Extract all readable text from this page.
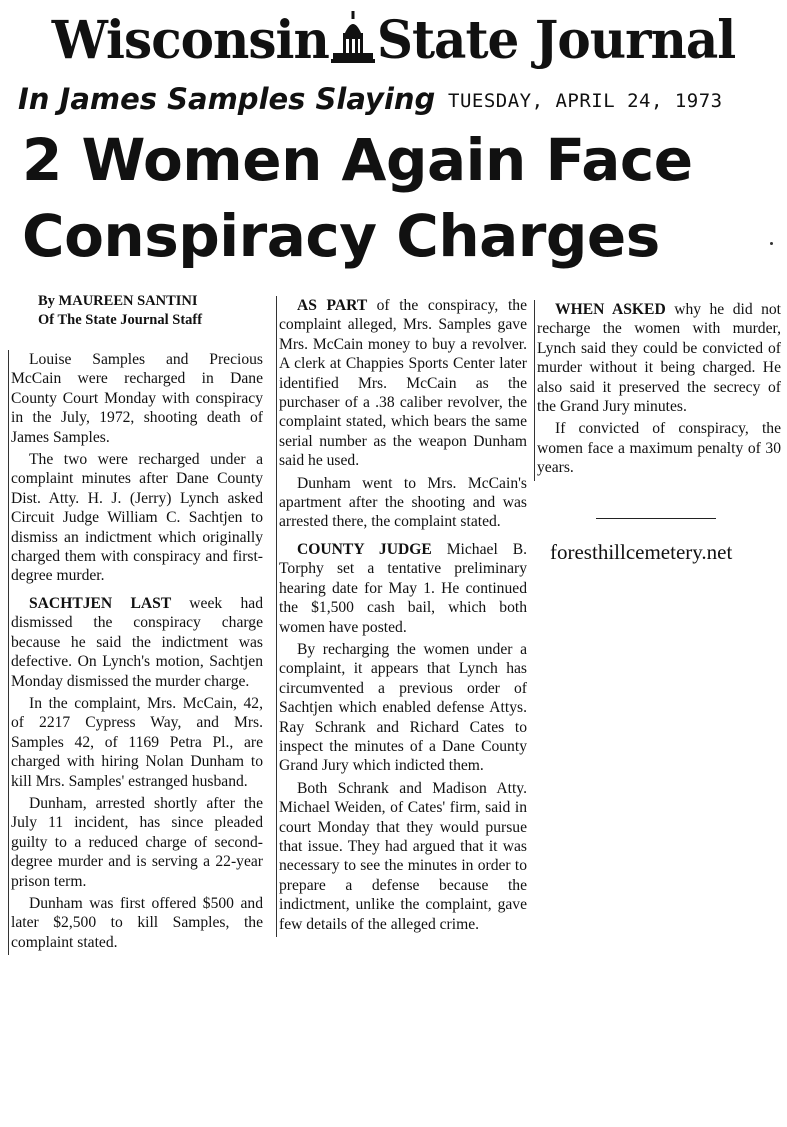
Wisconsin State Journal
In James Samples Slaying TUESDAY, APRIL 24, 1973
2 Women Again Face Conspiracy Charges
By MAUREEN SANTINI
Of The State Journal Staff

Louise Samples and Precious McCain were recharged in Dane County Court Monday with conspiracy in the July, 1972, shooting death of James Samples.

The two were recharged under a complaint minutes after Dane County Dist. Atty. H. J. (Jerry) Lynch asked Circuit Judge William C. Sachtjen to dismiss an indictment which originally charged them with conspiracy and first-degree murder.

SACHTJEN LAST week had dismissed the conspiracy charge because he said the indictment was defective. On Lynch's motion, Sachtjen Monday dismissed the murder charge.

In the complaint, Mrs. McCain, 42, of 2217 Cypress Way, and Mrs. Samples 42, of 1169 Petra Pl., are charged with hiring Nolan Dunham to kill Mrs. Samples' estranged husband.

Dunham, arrested shortly after the July 11 incident, has since pleaded guilty to a reduced charge of second-degree murder and is serving a 22-year prison term.

Dunham was first offered $500 and later $2,500 to kill Samples, the complaint stated.

AS PART of the conspiracy, the complaint alleged, Mrs. Samples gave Mrs. McCain money to buy a revolver. A clerk at Chappies Sports Center later identified Mrs. McCain as the purchaser of a .38 caliber revolver, the complaint stated, which bears the same serial number as the weapon Dunham said he used.

Dunham went to Mrs. McCain's apartment after the shooting and was arrested there, the complaint stated.

COUNTY JUDGE Michael B. Torphy set a tentative preliminary hearing date for May 1. He continued the $1,500 cash bail, which both women have posted.

By recharging the women under a complaint, it appears that Lynch has circumvented a previous order of Sachtjen which enabled defense Attys. Ray Schrank and Richard Cates to inspect the minutes of a Dane County Grand Jury which indicted them.

Both Schrank and Madison Atty. Michael Weiden, of Cates' firm, said in court Monday that they would pursue that issue. They had argued that it was necessary to see the minutes in order to prepare a defense because the indictment, unlike the complaint, gave few details of the alleged crime.

WHEN ASKED why he did not recharge the women with murder, Lynch said they could be convicted of murder without it being charged. He also said it preserved the secrecy of the Grand Jury minutes.

If convicted of conspiracy, the women face a maximum penalty of 30 years.

foresthillcemetery.net
